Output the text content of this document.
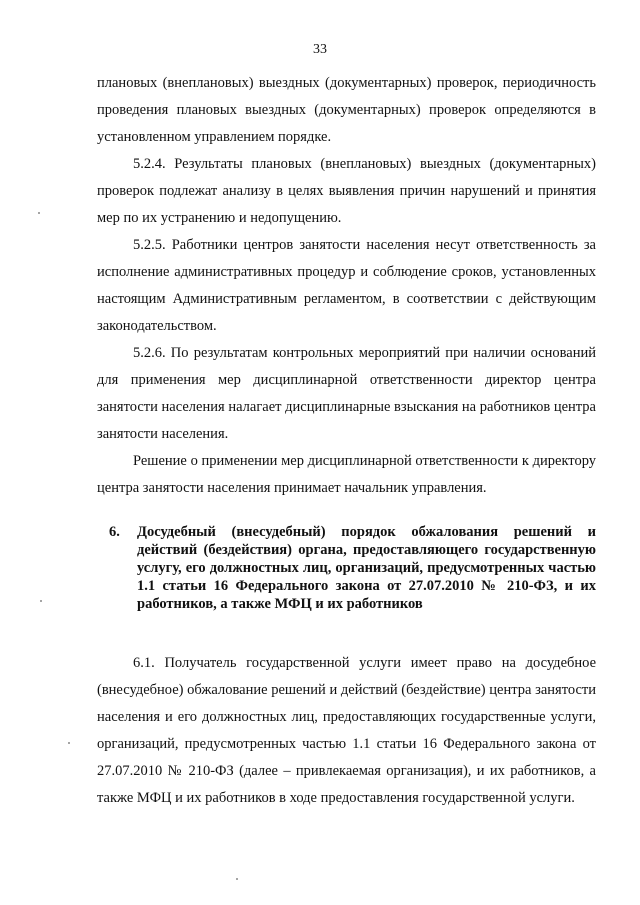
33

плановых (внеплановых) выездных (документарных) проверок, периодичность проведения плановых выездных (документарных) проверок определяются в установленном управлением порядке.

5.2.4. Результаты плановых (внеплановых) выездных (документарных) проверок подлежат анализу в целях выявления причин нарушений и принятия мер по их устранению и недопущению.

5.2.5. Работники центров занятости населения несут ответственность за исполнение административных процедур и соблюдение сроков, установленных настоящим Административным регламентом, в соответствии с действующим законодательством.

5.2.6. По результатам контрольных мероприятий при наличии оснований для применения мер дисциплинарной ответственности директор центра занятости населения налагает дисциплинарные взыскания на работников центра занятости населения.

Решение о применении мер дисциплинарной ответственности к директору центра занятости населения принимает начальник управления.

6. Досудебный (внесудебный) порядок обжалования решений и действий (бездействия) органа, предоставляющего государственную услугу, его должностных лиц, организаций, предусмотренных частью 1.1 статьи 16 Федерального закона от 27.07.2010 № 210-ФЗ, и их работников, а также МФЦ и их работников

6.1. Получатель государственной услуги имеет право на досудебное (внесудебное) обжалование решений и действий (бездействие) центра занятости населения и его должностных лиц, предоставляющих государственные услуги, организаций, предусмотренных частью 1.1 статьи 16 Федерального закона от 27.07.2010 № 210-ФЗ (далее – привлекаемая организация), и их работников, а также МФЦ и их работников в ходе предоставления государственной услуги.
